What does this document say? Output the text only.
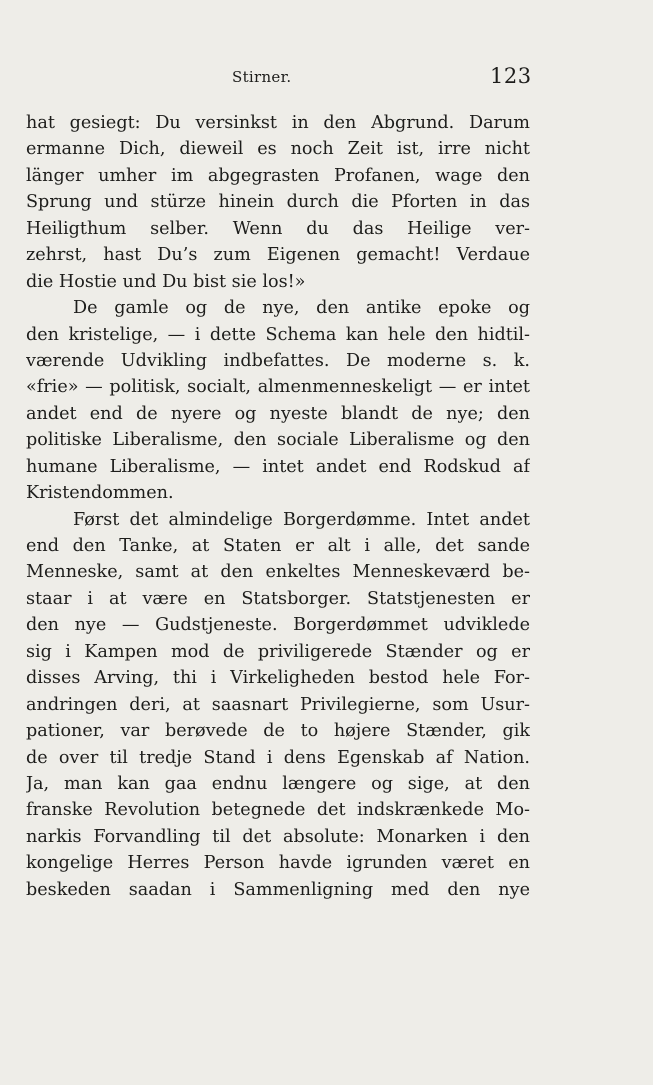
Stirner.	123
hat gesiegt: Du versinkst in den Abgrund. Darum
ermanne Dich, dieweil es noch Zeit ist, irre nicht
länger umher im abgegrasten Profanen, wage den
Sprung und stürze hinein durch die Pforten in das
Heiligthum selber. Wenn du das Heilige ver-
zehrst, hast Du’s zum Eigenen gemacht! Verdaue
die Hostie und Du bist sie los!»
De gamle og de nye, den antike epoke og
den kristelige, — i dette Schema kan hele den hidtil-
værende Udvikling indbefattes. De moderne s. k.
«frie» — politisk, socialt, almenmenneskeligt — er intet
andet end de nyere og nyeste blandt de nye; den
politiske Liberalisme, den sociale Liberalisme og den
humane Liberalisme, — intet andet end Rodskud af
Kristendommen.
Først det almindelige Borgerdømme. Intet andet
end den Tanke, at Staten er alt i alle, det sande
Menneske, samt at den enkeltes Menneskeværd be-
staar i at være en Statsborger. Statstjenesten er
den nye — Gudstjeneste. Borgerdømmet udviklede
sig i Kampen mod de priviligerede Stænder og er
disses Arving, thi i Virkeligheden bestod hele For-
andringen deri, at saasnart Privilegierne, som Usur-
pationer, var berøvede de to højere Stænder, gik
de over til tredje Stand i dens Egenskab af Nation.
Ja, man kan gaa endnu længere og sige, at den
franske Revolution betegnede det indskrænkede Mo-
narkis Forvandling til det absolute: Monarken i den
kongelige Herres Person havde igrunden været en
beskeden saadan i Sammenligning med den nye
